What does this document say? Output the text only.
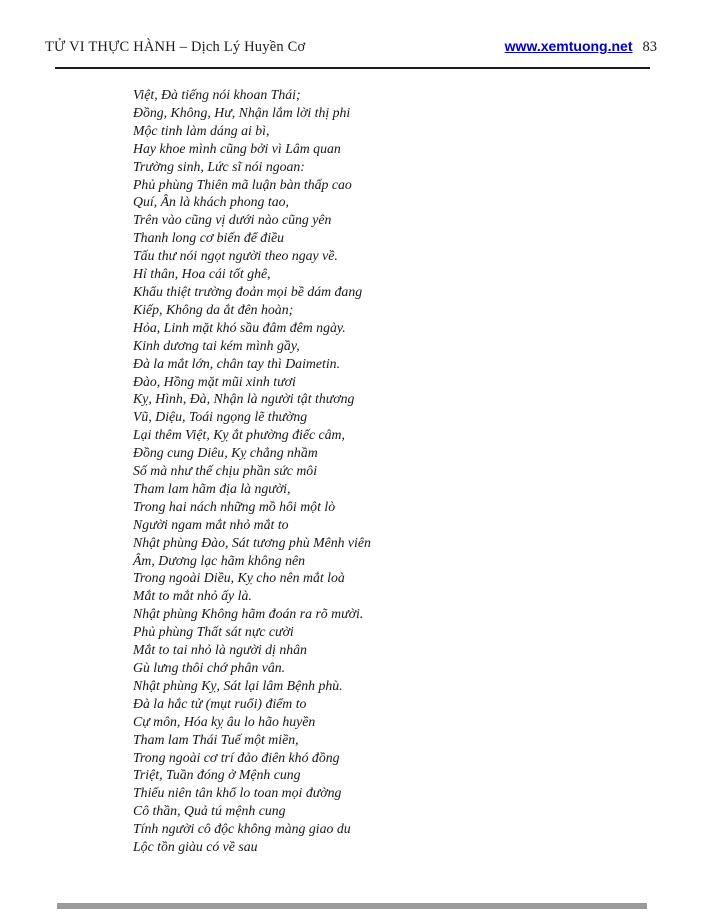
TỬ VI THỰC HÀNH – Dịch Lý Huyền Cơ	www.xemtuong.net 83
Việt, Đà tiếng nói khoan Thái;
Đồng, Không, Hư, Nhận lắm lời thị phi
Mộc tinh làm dáng ai bì,
Hay khoe mình cũng bởi vì Lâm quan
Trường sinh, Lức sĩ nói ngoan:
Phủ phùng Thiên mã luận bàn thấp cao
Quí, Ân là khách phong tao,
Trên vào cũng vị dưới nào cũng yên
Thanh long cơ biến để điều
Tấu thư nói ngọt người theo ngay về.
Hỉ thân, Hoa cái tốt ghê,
Khẩu thiệt trường đoản mọi bề dám đang
Kiếp, Không da ắt đên hoàn;
Hỏa, Linh mặt khó sầu đâm đêm ngày.
Kinh dương tai kém mình gầy,
Đà la mắt lớn, chân tay thì Daimetin.
Đào, Hồng mặt mũi xinh tươi
Kỵ, Hình, Đà, Nhận là người tật thương
Vũ, Diệu, Toái ngọng lẽ thường
Lại thêm Việt, Kỵ ắt phường điếc câm,
Đồng cung Diêu, Kỵ chẳng nhầm
Số mà như thế chịu phần sức môi
Tham lam hãm địa là người,
Trong hai nách những mồ hôi một lò
Người ngam mắt nhỏ mắt to
Nhật phùng Đào, Sát tương phù Mênh viên
Âm, Dương lạc hãm không nên
Trong ngoài Diều, Kỵ cho nên mắt loà
Mắt to mắt nhỏ ấy là.
Nhật phùng Không hãm đoán ra rõ mười.
Phủ phùng Thất sát nực cười
Mắt to tai nhỏ là người dị nhân
Gù lưng thôi chớ phân vân.
Nhật phùng Kỵ, Sát lại lâm Bệnh phù.
Đà la hắc tử (mụt ruổi) điểm to
Cự môn, Hóa kỵ âu lo hão huyền
Tham lam Thái Tuế một miền,
Trong ngoài cơ trí đảo điên khó đồng
Triệt, Tuần đóng ở Mệnh cung
Thiếu niên tân khổ lo toan mọi đường
Cô thần, Quả tú mệnh cung
Tính người cô độc không màng giao du
Lộc tồn giàu có về sau
